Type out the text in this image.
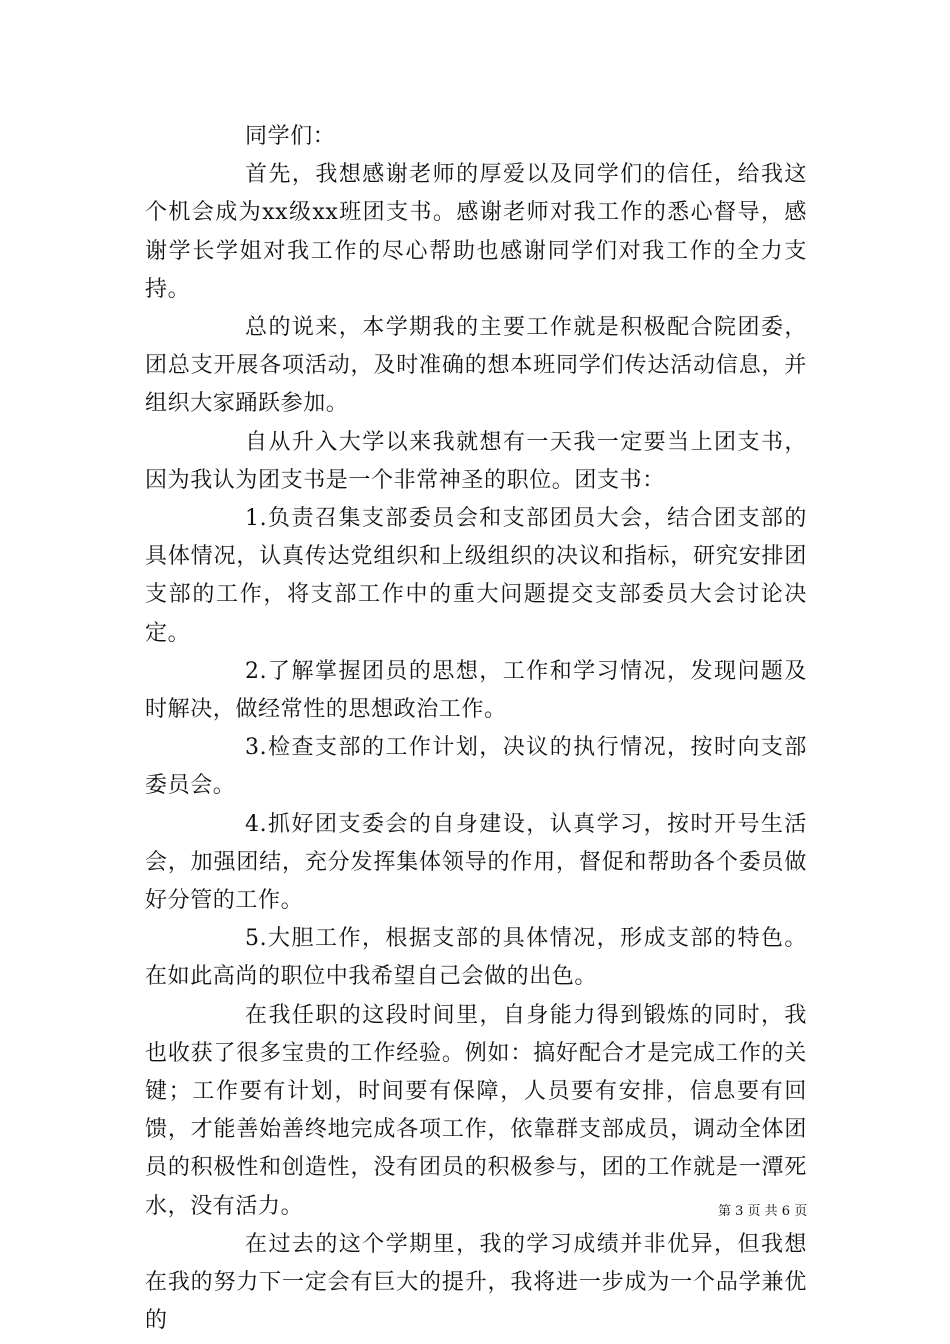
同学们：

首先，我想感谢老师的厚爱以及同学们的信任，给我这个机会成为xx级xx班团支书。感谢老师对我工作的悉心督导，感谢学长学姐对我工作的尽心帮助也感谢同学们对我工作的全力支持。

总的说来，本学期我的主要工作就是积极配合院团委，团总支开展各项活动，及时准确的想本班同学们传达活动信息，并组织大家踊跃参加。

自从升入大学以来我就想有一天我一定要当上团支书，因为我认为团支书是一个非常神圣的职位。团支书：

1.负责召集支部委员会和支部团员大会，结合团支部的具体情况，认真传达党组织和上级组织的决议和指标，研究安排团支部的工作，将支部工作中的重大问题提交支部委员大会讨论决定。

2.了解掌握团员的思想，工作和学习情况，发现问题及时解决，做经常性的思想政治工作。

3.检查支部的工作计划，决议的执行情况，按时向支部委员会。

4.抓好团支委会的自身建设，认真学习，按时开号生活会，加强团结，充分发挥集体领导的作用，督促和帮助各个委员做好分管的工作。

5.大胆工作，根据支部的具体情况，形成支部的特色。在如此高尚的职位中我希望自己会做的出色。

在我任职的这段时间里，自身能力得到锻炼的同时，我也收获了很多宝贵的工作经验。例如：搞好配合才是完成工作的关键；工作要有计划，时间要有保障，人员要有安排，信息要有回馈，才能善始善终地完成各项工作，依靠群支部成员，调动全体团员的积极性和创造性，没有团员的积极参与，团的工作就是一潭死水，没有活力。

在过去的这个学期里，我的学习成绩并非优异，但我想在我的努力下一定会有巨大的提升，我将进一步成为一个品学兼优的

第 3 页 共 6 页
